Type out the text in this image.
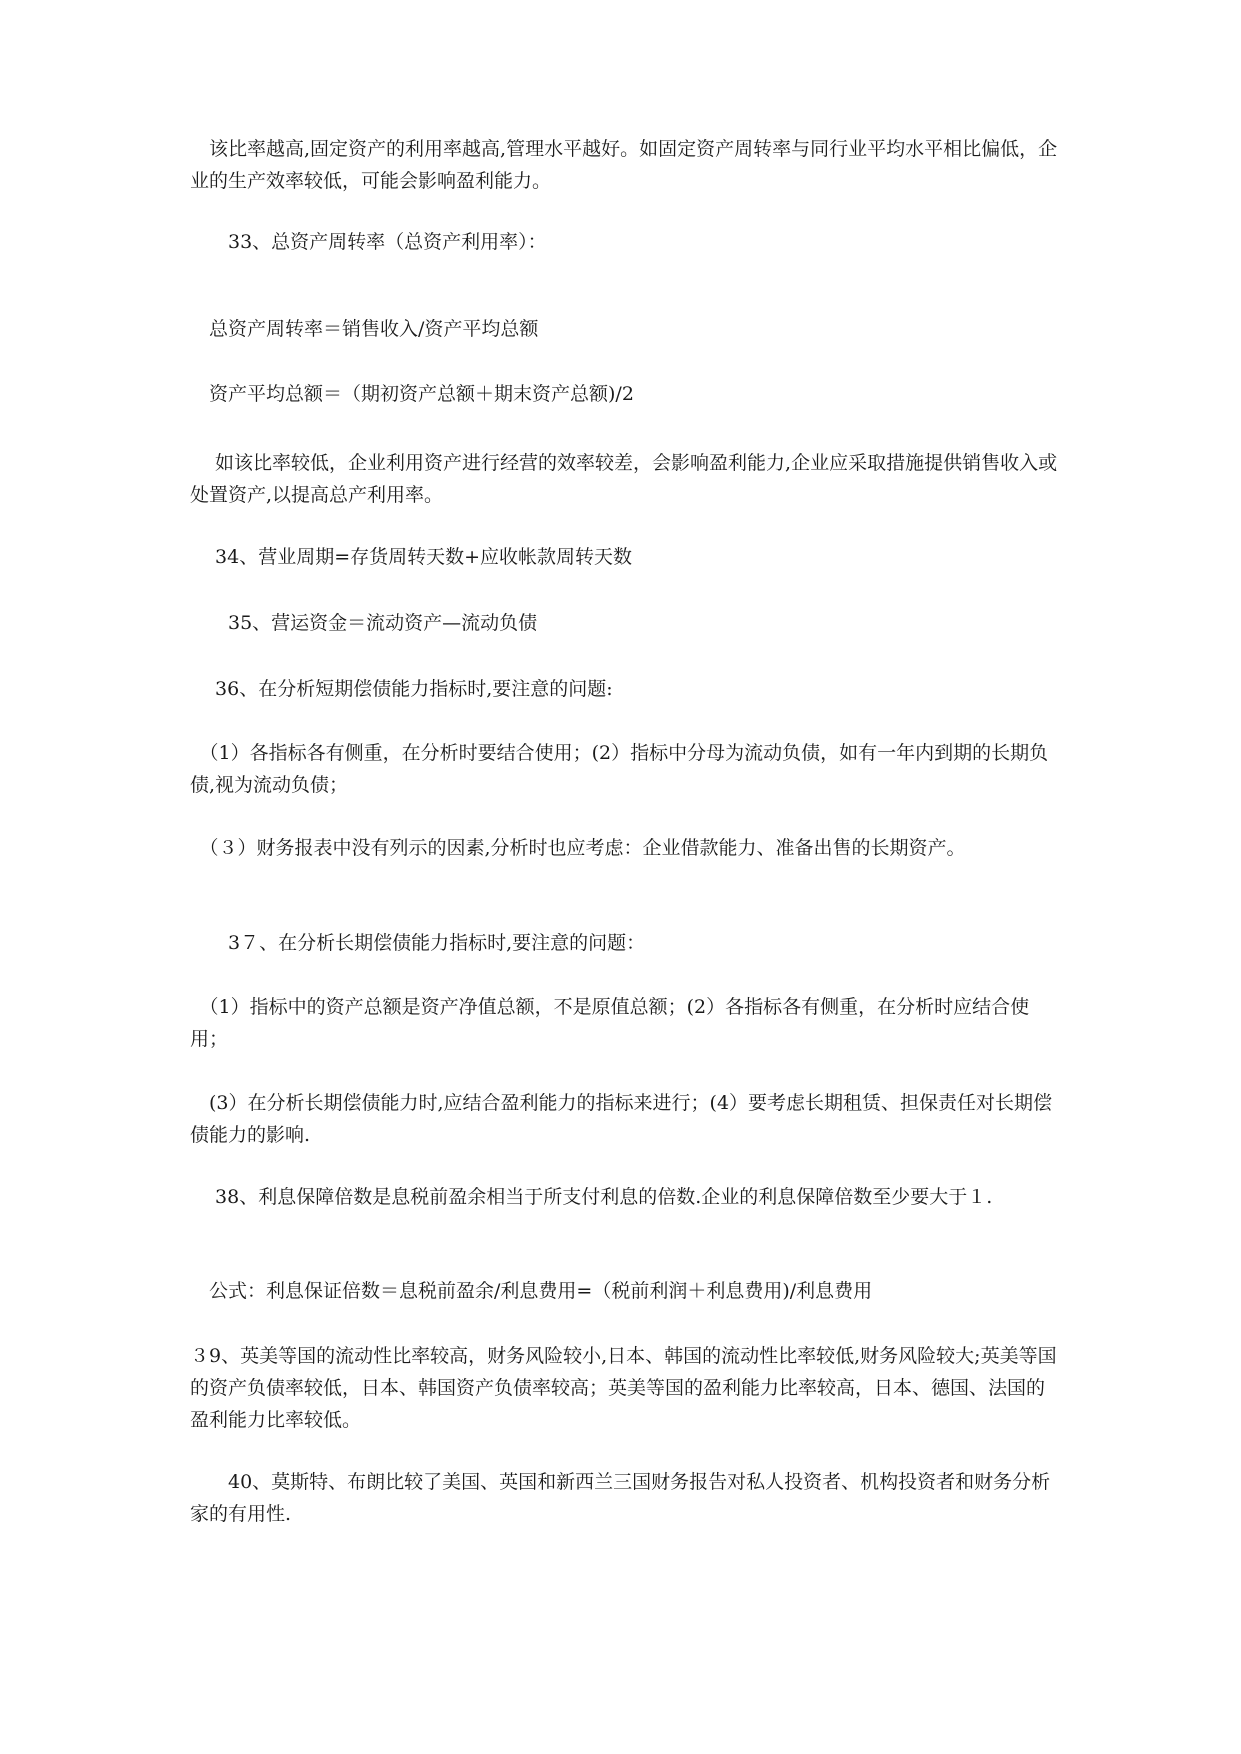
　该比率越高,固定资产的利用率越高,管理水平越好。如固定资产周转率与同行业平均水平相比偏低，企业的生产效率较低，可能会影响盈利能力。

　　33、总资产周转率（总资产利用率）：

　总资产周转率＝销售收入/资产平均总额

　资产平均总额＝（期初资产总额＋期末资产总额)/2

　 如该比率较低，企业利用资产进行经营的效率较差，会影响盈利能力,企业应采取措施提供销售收入或处置资产,以提高总产利用率。

　 34、营业周期=存货周转天数+应收帐款周转天数

　　35、营运资金＝流动资产—流动负债

　 36、在分析短期偿债能力指标时,要注意的问题:

　（1）各指标各有侧重，在分析时要结合使用；(2）指标中分母为流动负债，如有一年内到期的长期负债,视为流动负债；

　（３）财务报表中没有列示的因素,分析时也应考虑：企业借款能力、准备出售的长期资产。

　　3７、在分析长期偿债能力指标时,要注意的问题：

　（1）指标中的资产总额是资产净值总额，不是原值总额；(2）各指标各有侧重，在分析时应结合使用；

　(3）在分析长期偿债能力时,应结合盈利能力的指标来进行；(4）要考虑长期租赁、担保责任对长期偿债能力的影响.

　 38、利息保障倍数是息税前盈余相当于所支付利息的倍数.企业的利息保障倍数至少要大于１.

　公式：利息保证倍数＝息税前盈余/利息费用=（税前利润＋利息费用)/利息费用

３9、英美等国的流动性比率较高，财务风险较小,日本、韩国的流动性比率较低,财务风险较大;英美等国的资产负债率较低，日本、韩国资产负债率较高；英美等国的盈利能力比率较高，日本、德国、法国的盈利能力比率较低。

　　40、莫斯特、布朗比较了美国、英国和新西兰三国财务报告对私人投资者、机构投资者和财务分析家的有用性.
